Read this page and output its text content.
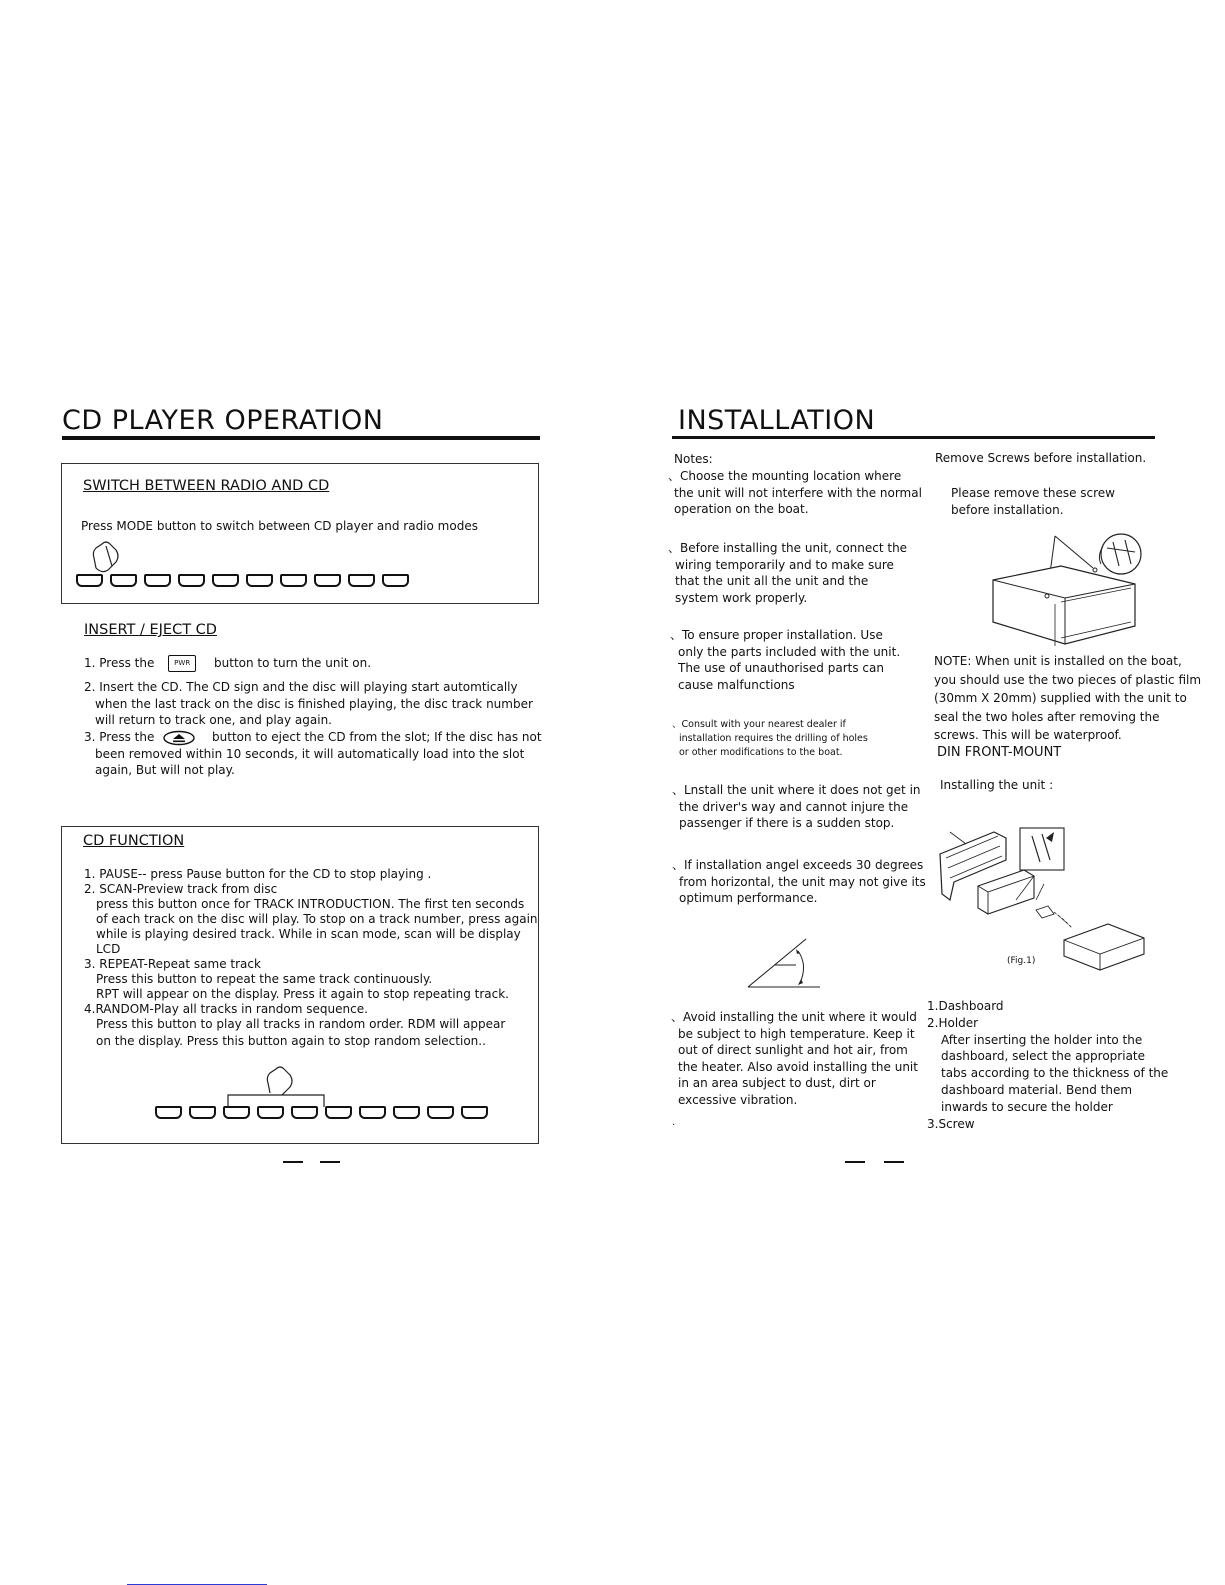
CD PLAYER OPERATION
SWITCH BETWEEN RADIO AND CD
Press MODE button to switch between CD player and radio modes
INSERT / EJECT CD
1. Press the	PWR button to turn the unit on.
2. Insert the CD. The CD sign and the disc will playing start automtically
when the last track on the disc is finished playing, the disc track number
will return to track one, and play again.
3. Press the	button to eject the CD from the slot; If the disc has not
been removed within 10 seconds, it will automatically load into the slot
again, But will not play.
CD FUNCTION
1. PAUSE-- press Pause button for the CD to stop playing .
2. SCAN-Preview track from disc
press this button once for TRACK INTRODUCTION. The first ten seconds
of each track on the disc will play. To stop on a track number, press again
while is playing desired track. While in scan mode, scan will be display
LCD
3. REPEAT-Repeat same track
Press this button to repeat the same track continuously.
RPT will appear on the display. Press it again to stop repeating track.
4.RANDOM-Play all tracks in random sequence.
Press this button to play all tracks in random order. RDM will appear
on the display. Press this button again to stop random selection..
INSTALLATION
Notes:
、Choose the mounting location where
the unit will not interfere with the normal
operation on the boat.
、Before installing the unit, connect the
wiring temporarily and to make sure
that the unit all the unit and the
system work properly.
、To ensure proper installation. Use
only the parts included with the unit.
The use of unauthorised parts can
cause malfunctions
、Consult with your nearest dealer if
installation requires the drilling of holes
or other modifications to the boat.
、Lnstall the unit where it does not get in
the driver's way and cannot injure the
passenger if there is a sudden stop.
、If installation angel exceeds 30 degrees
from horizontal, the unit may not give its
optimum performance.
、Avoid installing the unit where it would
be subject to high temperature. Keep it
out of direct sunlight and hot air, from
the heater. Also avoid installing the unit
in an area subject to dust, dirt or
excessive vibration.
·
Remove Screws before installation.
Please remove these screw
before installation.
NOTE: When unit is installed on the boat,
you should use the two pieces of plastic film
(30mm X 20mm) supplied with the unit to
seal the two holes after removing the
screws. This will be waterproof.
DIN FRONT-MOUNT
Installing the unit :
(Fig.1)
1.Dashboard
2.Holder
After inserting the holder into the
dashboard, select the appropriate
tabs according to the thickness of the
dashboard material. Bend them
inwards to secure the holder
3.Screw
